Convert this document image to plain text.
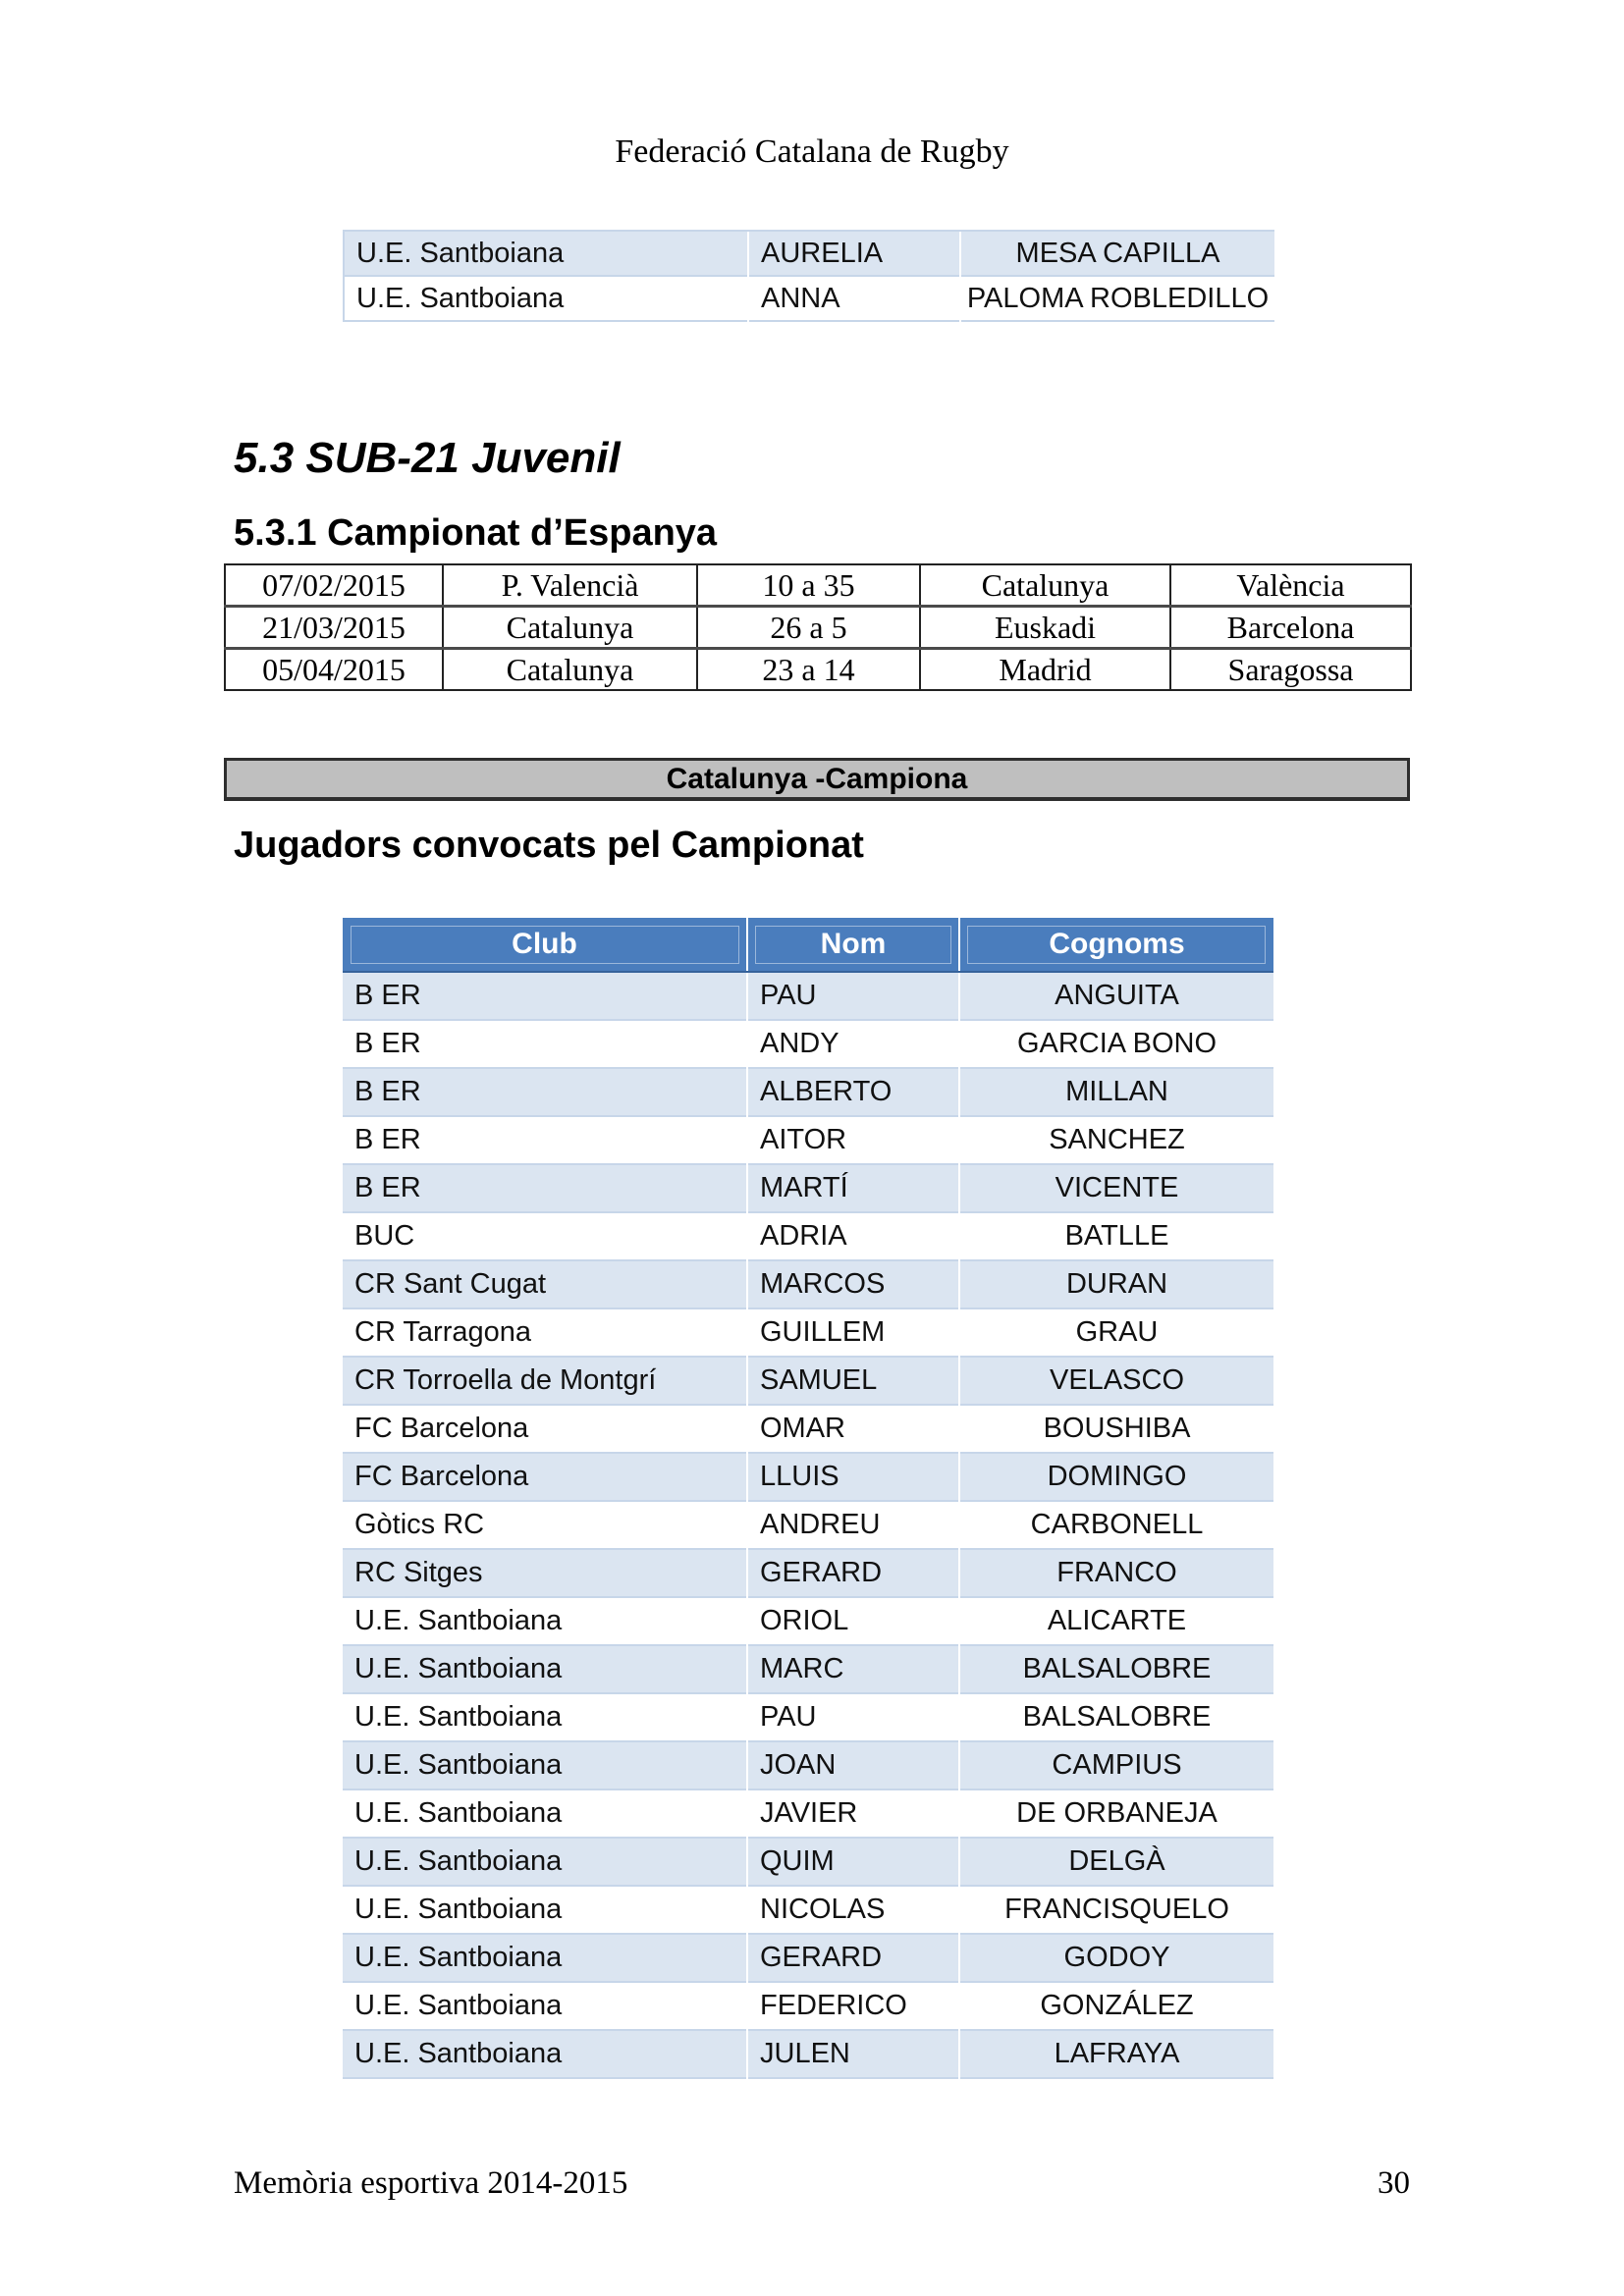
Federació Catalana de Rugby
U.E. Santboiana	AURELIA	MESA CAPILLA
U.E. Santboiana	ANNA	PALOMA ROBLEDILLO
5.3 SUB-21 Juvenil
5.3.1 Campionat d’Espanya
07/02/2015	P. Valencià	10 a 35	Catalunya	València
21/03/2015	Catalunya	26 a 5	Euskadi	Barcelona
05/04/2015	Catalunya	23 a 14	Madrid	Saragossa
Catalunya -Campiona
Jugadors convocats pel Campionat
Club	Nom	Cognoms
B ER	PAU	ANGUITA
B ER	ANDY	GARCIA BONO
B ER	ALBERTO	MILLAN
B ER	AITOR	SANCHEZ
B ER	MARTÍ	VICENTE
BUC	ADRIA	BATLLE
CR Sant Cugat	MARCOS	DURAN
CR Tarragona	GUILLEM	GRAU
CR Torroella de Montgrí	SAMUEL	VELASCO
FC Barcelona	OMAR	BOUSHIBA
FC Barcelona	LLUIS	DOMINGO
Gòtics RC	ANDREU	CARBONELL
RC Sitges	GERARD	FRANCO
U.E. Santboiana	ORIOL	ALICARTE
U.E. Santboiana	MARC	BALSALOBRE
U.E. Santboiana	PAU	BALSALOBRE
U.E. Santboiana	JOAN	CAMPIUS
U.E. Santboiana	JAVIER	DE ORBANEJA
U.E. Santboiana	QUIM	DELGÀ
U.E. Santboiana	NICOLAS	FRANCISQUELO
U.E. Santboiana	GERARD	GODOY
U.E. Santboiana	FEDERICO	GONZÁLEZ
U.E. Santboiana	JULEN	LAFRAYA
Memòria esportiva 2014-2015	30
